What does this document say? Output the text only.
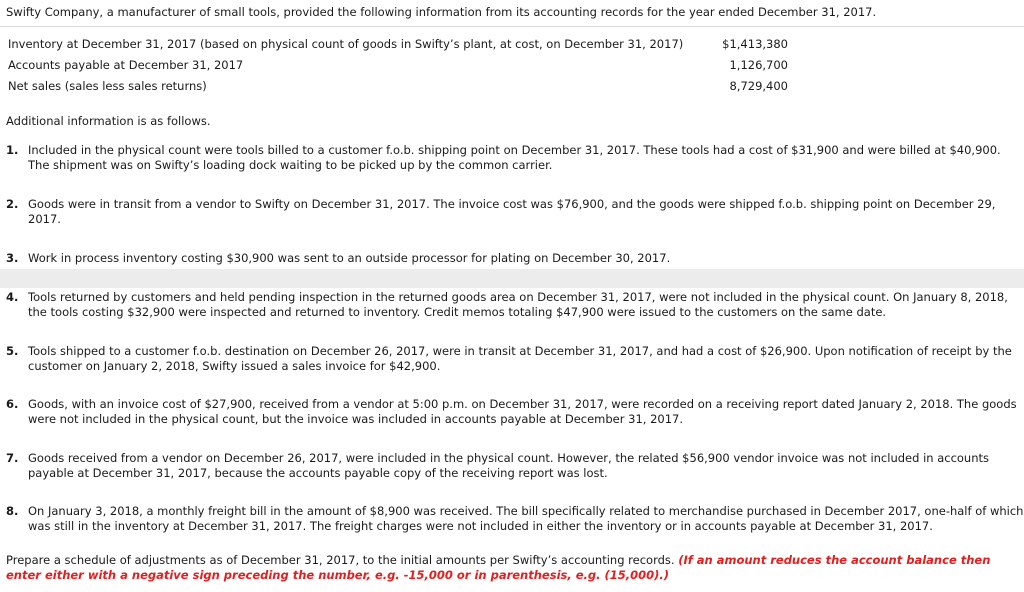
Swifty Company, a manufacturer of small tools, provided the following information from its accounting records for the year ended December 31, 2017.
Inventory at December 31, 2017 (based on physical count of goods in Swifty’s plant, at cost, on December 31, 2017)	$1,413,380
Accounts payable at December 31, 2017	1,126,700
Net sales (sales less sales returns)	8,729,400
Additional information is as follows.
1. Included in the physical count were tools billed to a customer f.o.b. shipping point on December 31, 2017. These tools had a cost of $31,900 and were billed at $40,900. The shipment was on Swifty’s loading dock waiting to be picked up by the common carrier.
2. Goods were in transit from a vendor to Swifty on December 31, 2017. The invoice cost was $76,900, and the goods were shipped f.o.b. shipping point on December 29, 2017.
3. Work in process inventory costing $30,900 was sent to an outside processor for plating on December 30, 2017.
4. Tools returned by customers and held pending inspection in the returned goods area on December 31, 2017, were not included in the physical count. On January 8, 2018, the tools costing $32,900 were inspected and returned to inventory. Credit memos totaling $47,900 were issued to the customers on the same date.
5. Tools shipped to a customer f.o.b. destination on December 26, 2017, were in transit at December 31, 2017, and had a cost of $26,900. Upon notification of receipt by the customer on January 2, 2018, Swifty issued a sales invoice for $42,900.
6. Goods, with an invoice cost of $27,900, received from a vendor at 5:00 p.m. on December 31, 2017, were recorded on a receiving report dated January 2, 2018. The goods were not included in the physical count, but the invoice was included in accounts payable at December 31, 2017.
7. Goods received from a vendor on December 26, 2017, were included in the physical count. However, the related $56,900 vendor invoice was not included in accounts payable at December 31, 2017, because the accounts payable copy of the receiving report was lost.
8. On January 3, 2018, a monthly freight bill in the amount of $8,900 was received. The bill specifically related to merchandise purchased in December 2017, one-half of which was still in the inventory at December 31, 2017. The freight charges were not included in either the inventory or in accounts payable at December 31, 2017.
Prepare a schedule of adjustments as of December 31, 2017, to the initial amounts per Swifty’s accounting records. (If an amount reduces the account balance then enter either with a negative sign preceding the number, e.g. -15,000 or in parenthesis, e.g. (15,000).)
